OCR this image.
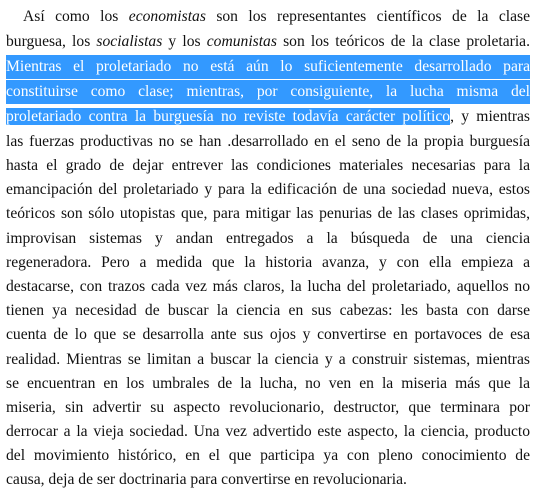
Así como los economistas son los representantes científicos de la clase
burguesa, los socialistas y los comunistas son los teóricos de la clase proletaria.
Mientras el proletariado no está aún lo suficientemente desarrollado para
constituirse como clase; mientras, por consiguiente, la lucha misma del
proletariado contra la burguesía no reviste todavía carácter político, y mientras
las fuerzas productivas no se han .desarrollado en el seno de la propia burguesía
hasta el grado de dejar entrever las condiciones materiales necesarias para la
emancipación del proletariado y para la edificación de una sociedad nueva, estos
teóricos son sólo utopistas que, para mitigar las penurias de las clases oprimidas,
improvisan sistemas y andan entregados a la búsqueda de una ciencia
regeneradora. Pero a medida que la historia avanza, y con ella empieza a
destacarse, con trazos cada vez más claros, la lucha del proletariado, aquellos no
tienen ya necesidad de buscar la ciencia en sus cabezas: les basta con darse
cuenta de lo que se desarrolla ante sus ojos y convertirse en portavoces de esa
realidad. Mientras se limitan a buscar la ciencia y a construir sistemas, mientras
se encuentran en los umbrales de la lucha, no ven en la miseria más que la
miseria, sin advertir su aspecto revolucionario, destructor, que terminara por
derrocar a la vieja sociedad. Una vez advertido este aspecto, la ciencia, producto
del movimiento histórico, en el que participa ya con pleno conocimiento de
causa, deja de ser doctrinaria para convertirse en revolucionaria.
